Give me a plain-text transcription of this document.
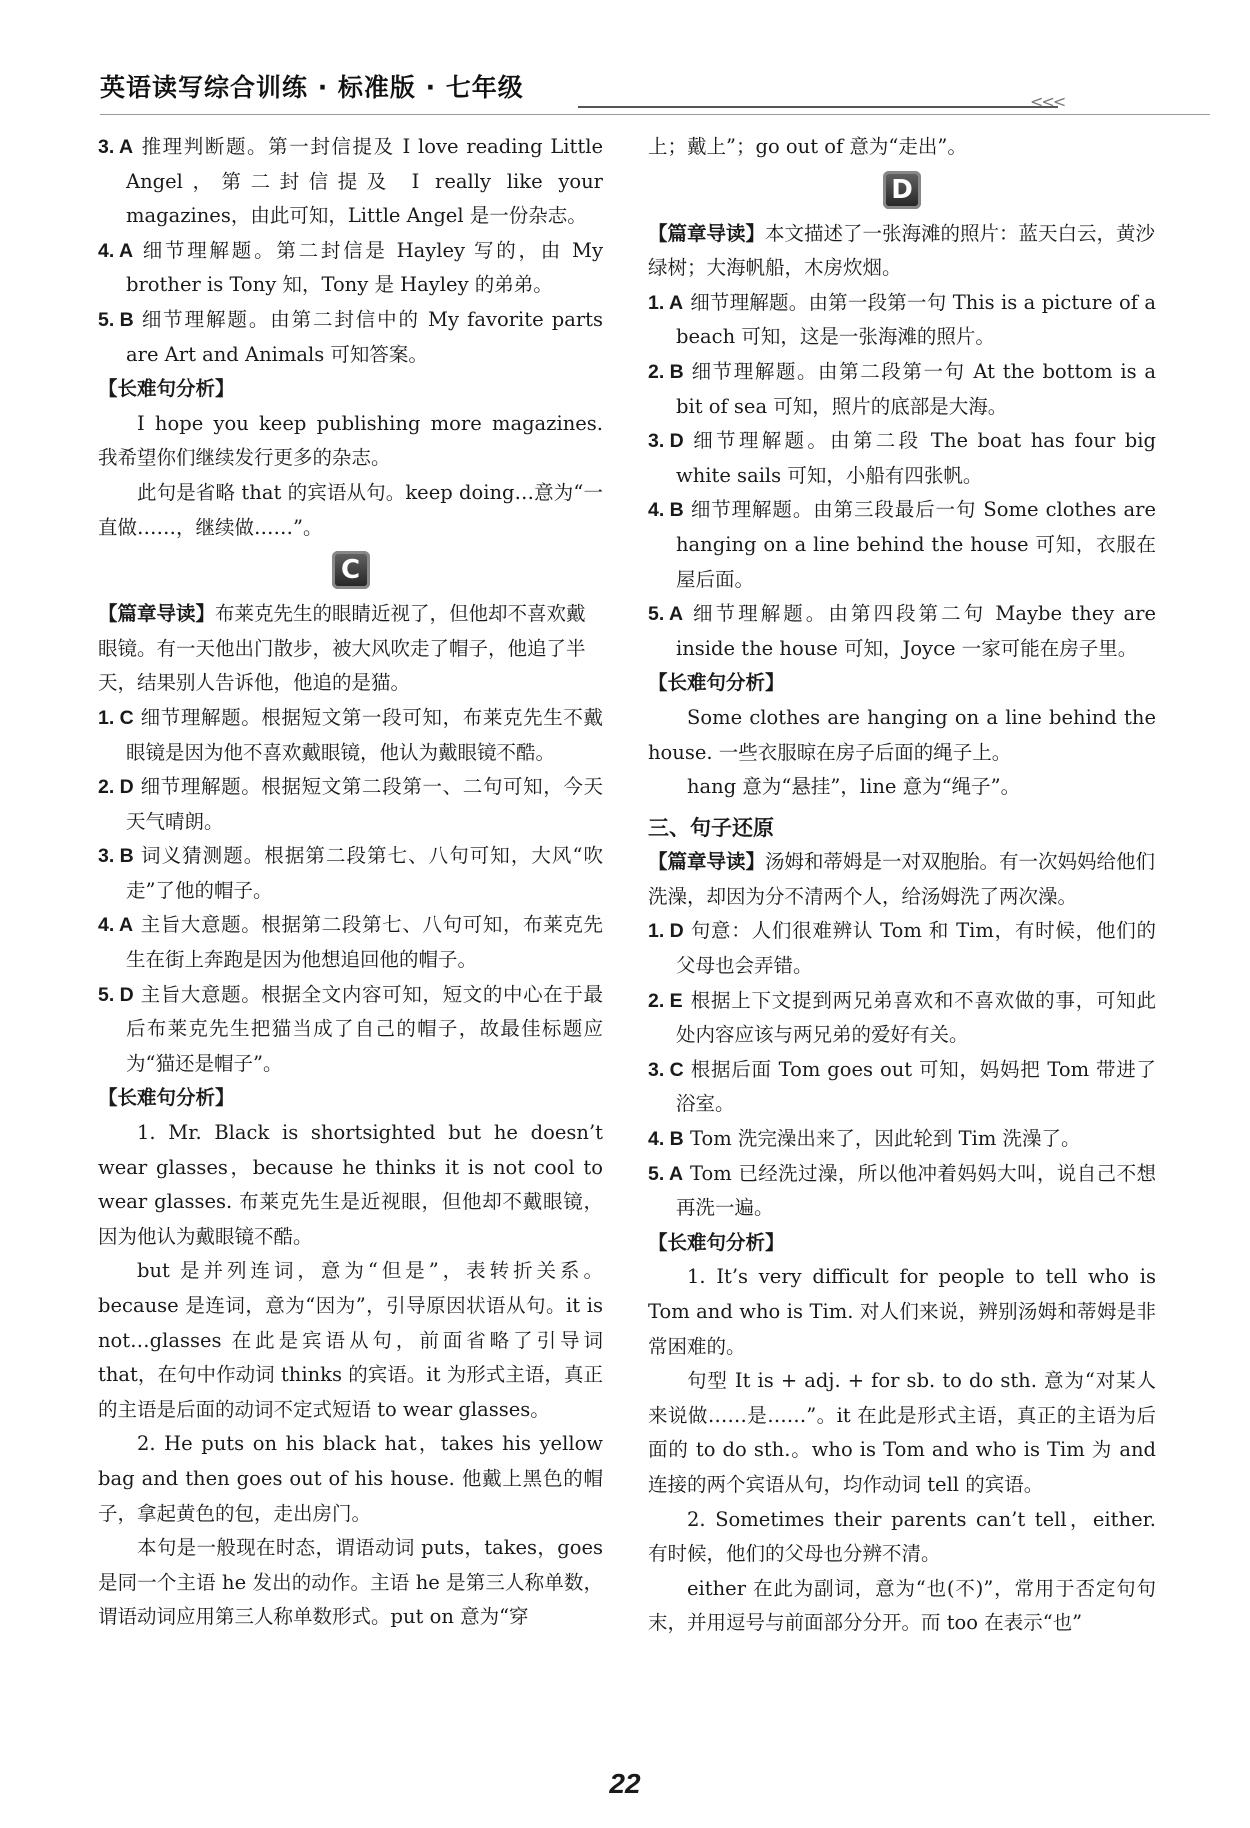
英语读写综合训练 · 标准版 · 七年级	<<<
3. A 推理判断题。第一封信提及 I love reading Little Angel，第二封信提及 I really like your magazines，由此可知，Little Angel 是一份杂志。
4. A 细节理解题。第二封信是 Hayley 写的，由 My brother is Tony 知，Tony 是 Hayley 的弟弟。
5. B 细节理解题。由第二封信中的 My favorite parts are Art and Animals 可知答案。
【长难句分析】
I hope you keep publishing more magazines. 我希望你们继续发行更多的杂志。
此句是省略 that 的宾语从句。keep doing…意为“一直做……，继续做……”。
C
【篇章导读】布莱克先生的眼睛近视了，但他却不喜欢戴眼镜。有一天他出门散步，被大风吹走了帽子，他追了半天，结果别人告诉他，他追的是猫。
1. C 细节理解题。根据短文第一段可知，布莱克先生不戴眼镜是因为他不喜欢戴眼镜，他认为戴眼镜不酷。
2. D 细节理解题。根据短文第二段第一、二句可知，今天天气晴朗。
3. B 词义猜测题。根据第二段第七、八句可知，大风“吹走”了他的帽子。
4. A 主旨大意题。根据第二段第七、八句可知，布莱克先生在街上奔跑是因为他想追回他的帽子。
5. D 主旨大意题。根据全文内容可知，短文的中心在于最后布莱克先生把猫当成了自己的帽子，故最佳标题应为“猫还是帽子”。
【长难句分析】
1. Mr. Black is shortsighted but he doesn’t wear glasses，because he thinks it is not cool to wear glasses. 布莱克先生是近视眼，但他却不戴眼镜，因为他认为戴眼镜不酷。
but 是并列连词，意为“但是”，表转折关系。because 是连词，意为“因为”，引导原因状语从句。it is not…glasses 在此是宾语从句，前面省略了引导词 that，在句中作动词 thinks 的宾语。it 为形式主语，真正的主语是后面的动词不定式短语 to wear glasses。
2. He puts on his black hat，takes his yellow bag and then goes out of his house. 他戴上黑色的帽子，拿起黄色的包，走出房门。
本句是一般现在时态，谓语动词 puts，takes，goes 是同一个主语 he 发出的动作。主语 he 是第三人称单数，谓语动词应用第三人称单数形式。put on 意为“穿
上；戴上”；go out of 意为“走出”。
D
【篇章导读】本文描述了一张海滩的照片：蓝天白云，黄沙绿树；大海帆船，木房炊烟。
1. A 细节理解题。由第一段第一句 This is a picture of a beach 可知，这是一张海滩的照片。
2. B 细节理解题。由第二段第一句 At the bottom is a bit of sea 可知，照片的底部是大海。
3. D 细节理解题。由第二段 The boat has four big white sails 可知，小船有四张帆。
4. B 细节理解题。由第三段最后一句 Some clothes are hanging on a line behind the house 可知，衣服在屋后面。
5. A 细节理解题。由第四段第二句 Maybe they are inside the house 可知，Joyce 一家可能在房子里。
【长难句分析】
Some clothes are hanging on a line behind the house. 一些衣服晾在房子后面的绳子上。
hang 意为“悬挂”，line 意为“绳子”。
三、句子还原
【篇章导读】汤姆和蒂姆是一对双胞胎。有一次妈妈给他们洗澡，却因为分不清两个人，给汤姆洗了两次澡。
1. D 句意：人们很难辨认 Tom 和 Tim，有时候，他们的父母也会弄错。
2. E 根据上下文提到两兄弟喜欢和不喜欢做的事，可知此处内容应该与两兄弟的爱好有关。
3. C 根据后面 Tom goes out 可知，妈妈把 Tom 带进了浴室。
4. B Tom 洗完澡出来了，因此轮到 Tim 洗澡了。
5. A Tom 已经洗过澡，所以他冲着妈妈大叫，说自己不想再洗一遍。
【长难句分析】
1. It’s very difficult for people to tell who is Tom and who is Tim. 对人们来说，辨别汤姆和蒂姆是非常困难的。
句型 It is + adj. + for sb. to do sth. 意为“对某人来说做……是……”。it 在此是形式主语，真正的主语为后面的 to do sth.。who is Tom and who is Tim 为 and 连接的两个宾语从句，均作动词 tell 的宾语。
2. Sometimes their parents can’t tell，either. 有时候，他们的父母也分辨不清。
either 在此为副词，意为“也(不)”，常用于否定句句末，并用逗号与前面部分分开。而 too 在表示“也”
22
